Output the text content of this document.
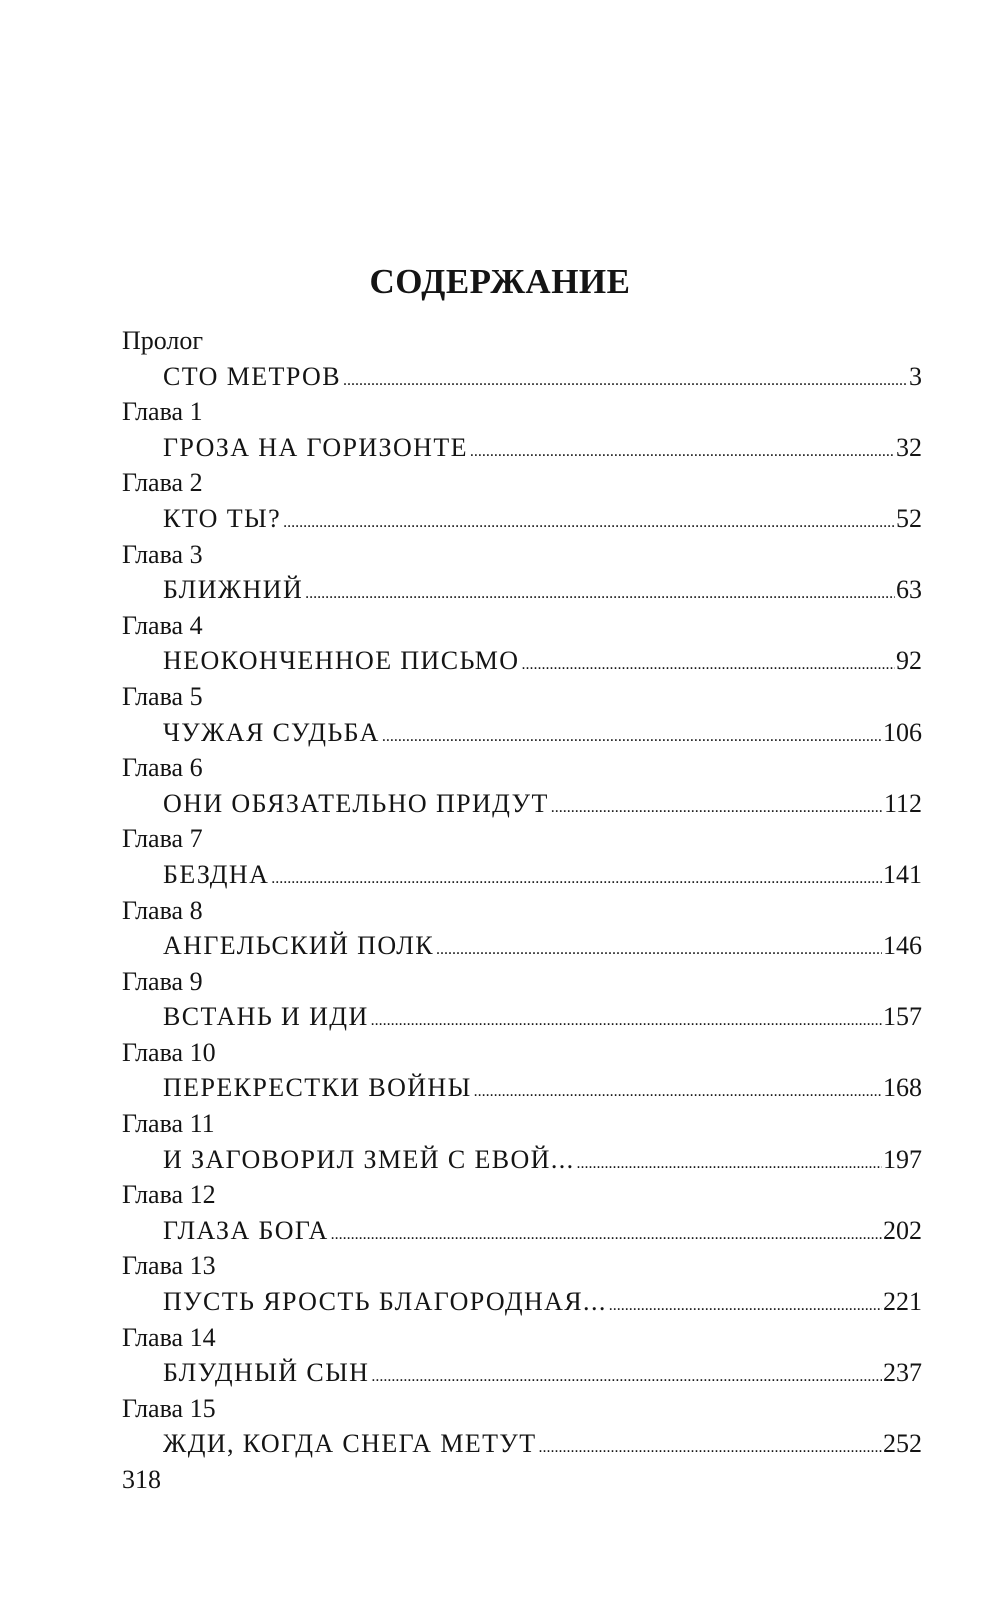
СОДЕРЖАНИЕ
Пролог
СТО МЕТРОВ .....	3
Глава 1
ГРОЗА НА ГОРИЗОНТЕ .....	32
Глава 2
КТО ТЫ? .....	52
Глава 3
БЛИЖНИЙ .....	63
Глава 4
НЕОКОНЧЕННОЕ ПИСЬМО .....	92
Глава 5
ЧУЖАЯ СУДЬБА .....	106
Глава 6
ОНИ ОБЯЗАТЕЛЬНО ПРИДУТ .....	112
Глава 7
БЕЗДНА .....	141
Глава 8
АНГЕЛЬСКИЙ ПОЛК .....	146
Глава 9
ВСТАНЬ И ИДИ .....	157
Глава 10
ПЕРЕКРЕСТКИ ВОЙНЫ .....	168
Глава 11
И ЗАГОВОРИЛ ЗМЕЙ С ЕВОЙ... .....	197
Глава 12
ГЛАЗА БОГА .....	202
Глава 13
ПУСТЬ ЯРОСТЬ БЛАГОРОДНАЯ... .....	221
Глава 14
БЛУДНЫЙ СЫН .....	237
Глава 15
ЖДИ, КОГДА СНЕГА МЕТУТ .....	252
318
